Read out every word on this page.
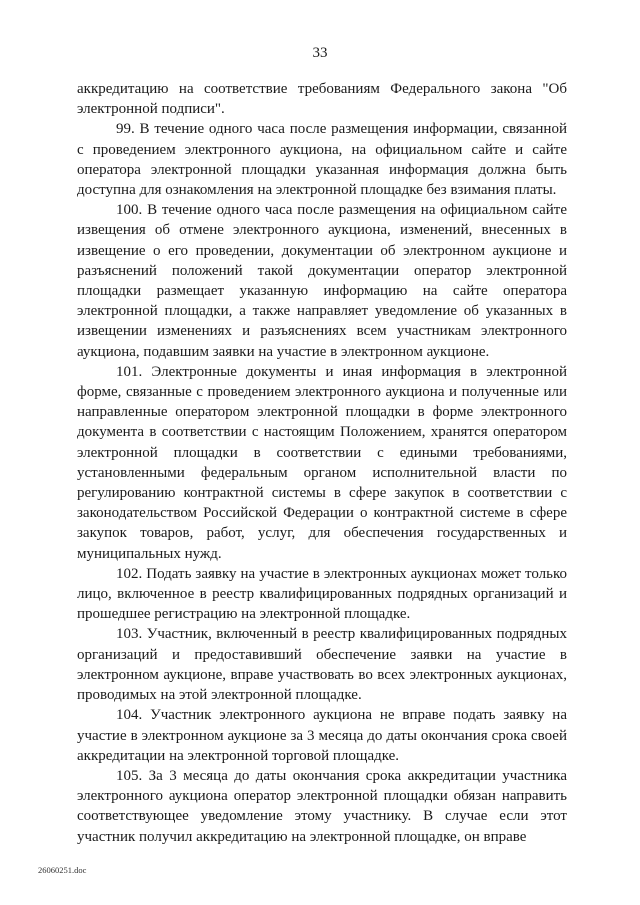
33

аккредитацию на соответствие требованиям Федерального закона "Об электронной подписи".

99. В течение одного часа после размещения информации, связанной с проведением электронного аукциона, на официальном сайте и сайте оператора электронной площадки указанная информация должна быть доступна для ознакомления на электронной площадке без взимания платы.

100. В течение одного часа после размещения на официальном сайте извещения об отмене электронного аукциона, изменений, внесенных в извещение о его проведении, документации об электронном аукционе и разъяснений положений такой документации оператор электронной площадки размещает указанную информацию на сайте оператора электронной площадки, а также направляет уведомление об указанных в извещении изменениях и разъяснениях всем участникам электронного аукциона, подавшим заявки на участие в электронном аукционе.

101. Электронные документы и иная информация в электронной форме, связанные с проведением электронного аукциона и полученные или направленные оператором электронной площадки в форме электронного документа в соответствии с настоящим Положением, хранятся оператором электронной площадки в соответствии с едиными требованиями, установленными федеральным органом исполнительной власти по регулированию контрактной системы в сфере закупок в соответствии с законодательством Российской Федерации о контрактной системе в сфере закупок товаров, работ, услуг, для обеспечения государственных и муниципальных нужд.

102. Подать заявку на участие в электронных аукционах может только лицо, включенное в реестр квалифицированных подрядных организаций и прошедшее регистрацию на электронной площадке.

103. Участник, включенный в реестр квалифицированных подрядных организаций и предоставивший обеспечение заявки на участие в электронном аукционе, вправе участвовать во всех электронных аукционах, проводимых на этой электронной площадке.

104. Участник электронного аукциона не вправе подать заявку на участие в электронном аукционе за 3 месяца до даты окончания срока своей аккредитации на электронной торговой площадке.

105. За 3 месяца до даты окончания срока аккредитации участника электронного аукциона оператор электронной площадки обязан направить соответствующее уведомление этому участнику. В случае если этот участник получил аккредитацию на электронной площадке, он вправе

26060251.doc
